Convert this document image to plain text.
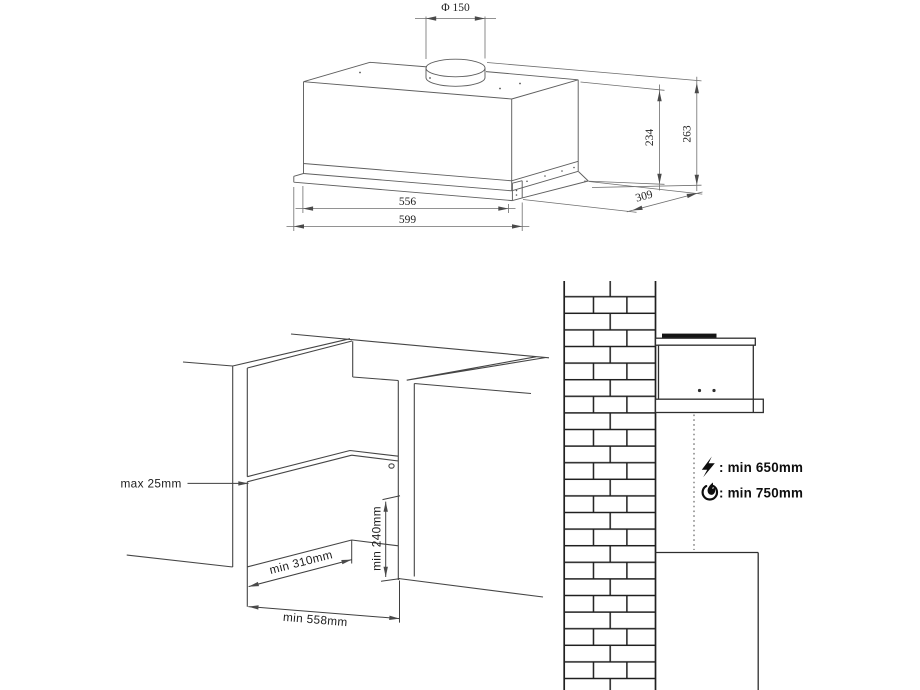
Φ 150
234 263
309
556
599
max 25mm
min 310mm	min 240mm
min 558mm
: min 650mm
: min 750mm
